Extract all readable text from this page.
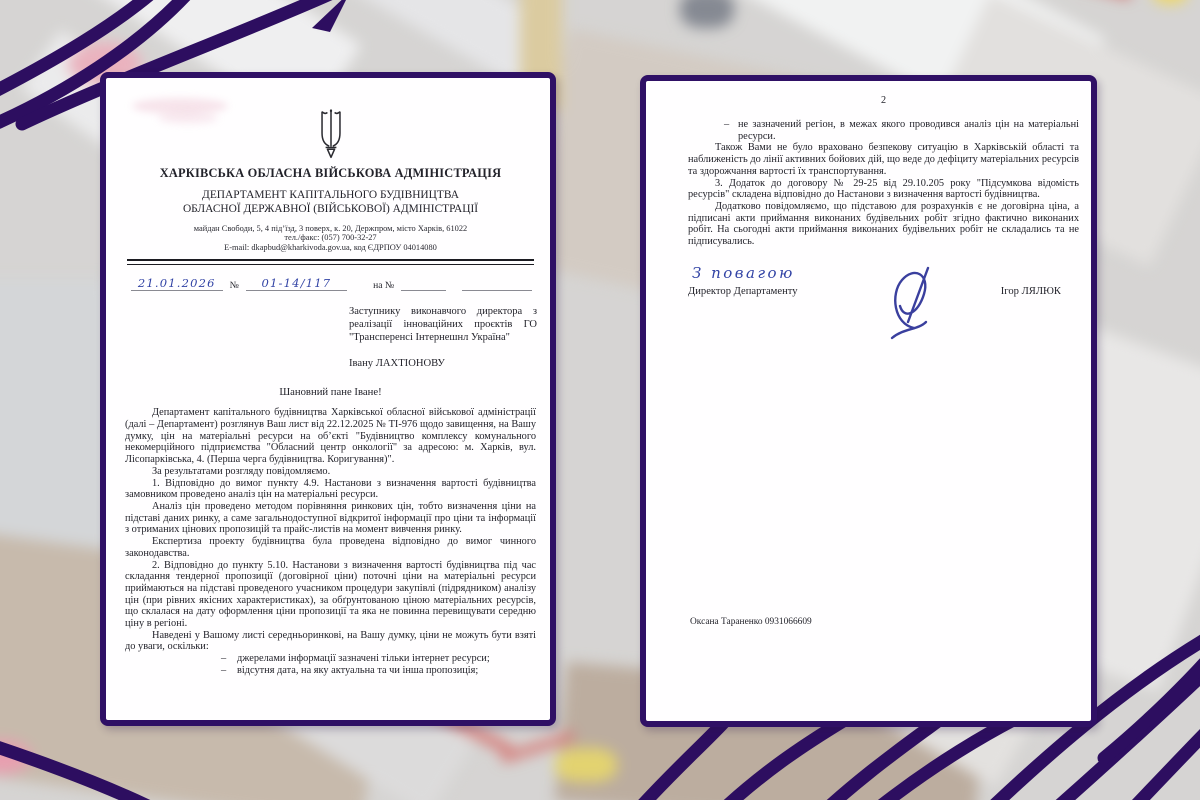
ХАРКІВСЬКА ОБЛАСНА ВІЙСЬКОВА АДМІНІСТРАЦІЯ
ДЕПАРТАМЕНТ КАПІТАЛЬНОГО БУДІВНИЦТВА
ОБЛАСНОЇ ДЕРЖАВНОЇ (ВІЙСЬКОВОЇ) АДМІНІСТРАЦІЇ
майдан Свободи, 5, 4 під’їзд, 3 поверх, к. 20, Держпром, місто Харків, 61022
тел./факс: (057) 700-32-27
E-mail: dkapbud@kharkivoda.gov.ua, код ЄДРПОУ 04014080
21.01.2026	№	01-14/117	на №
Заступнику виконавчого директора з реалізації інноваційних проєктів ГО "Трансперенсі Інтернешнл Україна"
Івану ЛАХТІОНОВУ
Шановний пане Іване!

Департамент капітального будівництва Харківської обласної військової адміністрації (далі – Департамент) розглянув Ваш лист від 22.12.2025 № ТІ-976 щодо завищення, на Вашу думку, цін на матеріальні ресурси на об’єкті "Будівництво комплексу комунального некомерційного підприємства "Обласний центр онкології" за адресою: м. Харків, вул. Лісопарківська, 4. (Перша черга будівництва. Коригування)".

За результатами розгляду повідомляємо.

1. Відповідно до вимог пункту 4.9. Настанови з визначення вартості будівництва замовником проведено аналіз цін на матеріальні ресурси.

Аналіз цін проведено методом порівняння ринкових цін, тобто визначення ціни на підставі даних ринку, а саме загальнодоступної відкритої інформації про ціни та інформації з отриманих цінових пропозицій та прайс-листів на момент вивчення ринку.

Експертиза проекту будівництва була проведена відповідно до вимог чинного законодавства.

2. Відповідно до пункту 5.10. Настанови з визначення вартості будівництва під час складання тендерної пропозиції (договірної ціни) поточні ціни на матеріальні ресурси приймаються на підставі проведеного учасником процедури закупівлі (підрядником) аналізу цін (при рівних якісних характеристиках), за обґрунтованою ціною матеріальних ресурсів, що склалася на дату оформлення ціни пропозиції та яка не повинна перевищувати середню ціну в регіоні.

Наведені у Вашому листі середньоринкові, на Вашу думку, ціни не можуть бути взяті до уваги, оскільки:

–	джерелами інформації зазначені тільки інтернет ресурси;
–	відсутня дата, на яку актуальна та чи інша пропозиція;
2
– не зазначений регіон, в межах якого проводився аналіз цін на матеріальні ресурси.

Також Вами не було враховано безпекову ситуацію в Харківській області та наближеність до лінії активних бойових дій, що веде до дефіциту матеріальних ресурсів та здорожчання вартості їх транспортування.

3. Додаток до договору № 29-25 від 29.10.205 року "Підсумкова відомість ресурсів" складена відповідно до Настанови з визначення вартості будівництва.

Додатково повідомляємо, що підставою для розрахунків є не договірна ціна, а підписані акти приймання виконаних будівельних робіт згідно фактично виконаних робіт. На сьогодні акти приймання виконаних будівельних робіт не складались та не підписувались.

З повагою
Директор Департаменту	Ігор ЛЯЛЮК
Оксана Тараненко 0931066609
